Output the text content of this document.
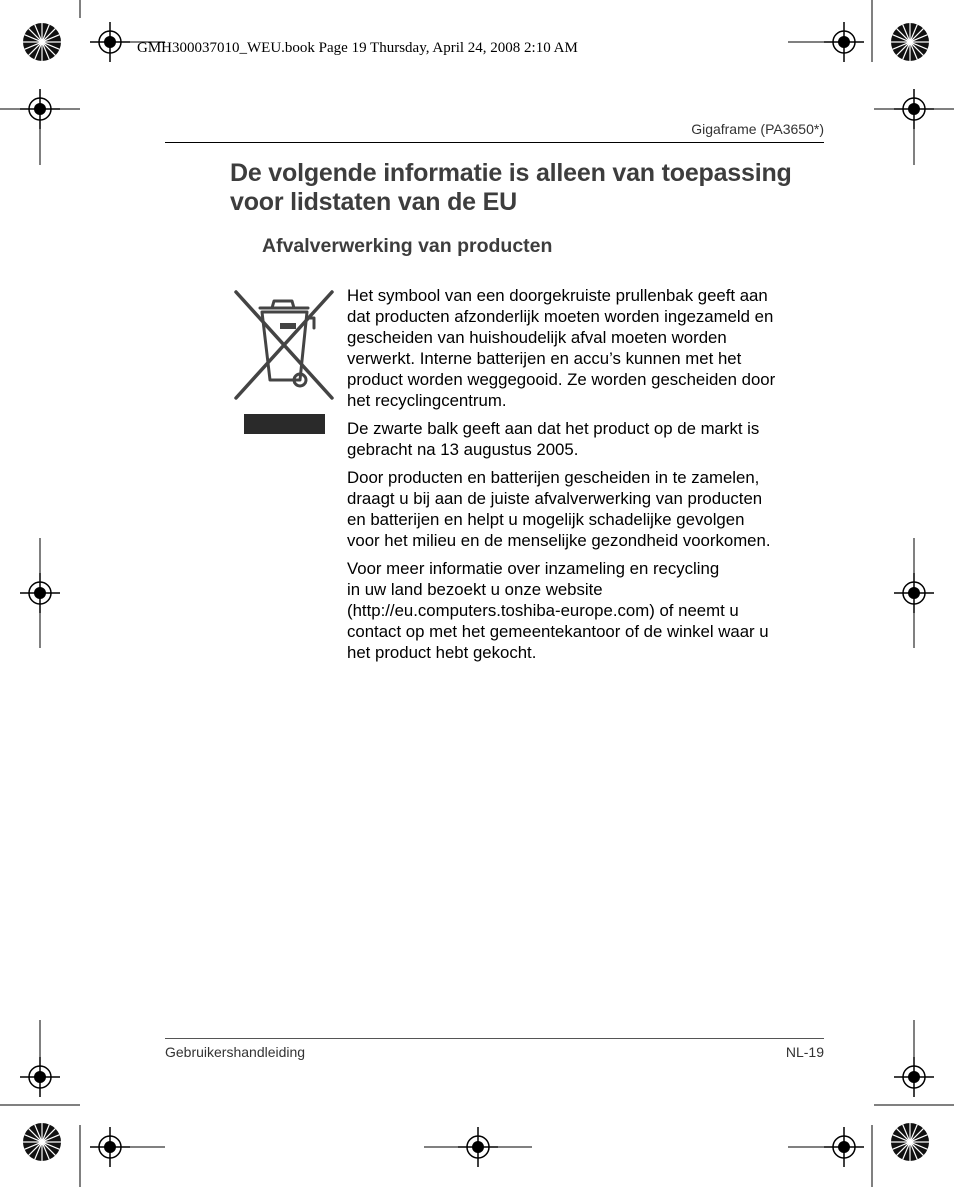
GMH300037010_WEU.book Page 19 Thursday, April 24, 2008 2:10 AM
Gigaframe (PA3650*)
De volgende informatie is alleen van toepassing
voor lidstaten van de EU
Afvalverwerking van producten

Het symbool van een doorgekruiste prullenbak geeft aan
dat producten afzonderlijk moeten worden ingezameld en
gescheiden van huishoudelijk afval moeten worden
verwerkt. Interne batterijen en accu’s kunnen met het
product worden weggegooid. Ze worden gescheiden door
het recyclingcentrum.

De zwarte balk geeft aan dat het product op de markt is
gebracht na 13 augustus 2005.

Door producten en batterijen gescheiden in te zamelen,
draagt u bij aan de juiste afvalverwerking van producten
en batterijen en helpt u mogelijk schadelijke gevolgen
voor het milieu en de menselijke gezondheid voorkomen.

Voor meer informatie over inzameling en recycling
in uw land bezoekt u onze website
(http://eu.computers.toshiba-europe.com) of neemt u
contact op met het gemeentekantoor of de winkel waar u
het product hebt gekocht.

Gebruikershandleiding	NL-19
